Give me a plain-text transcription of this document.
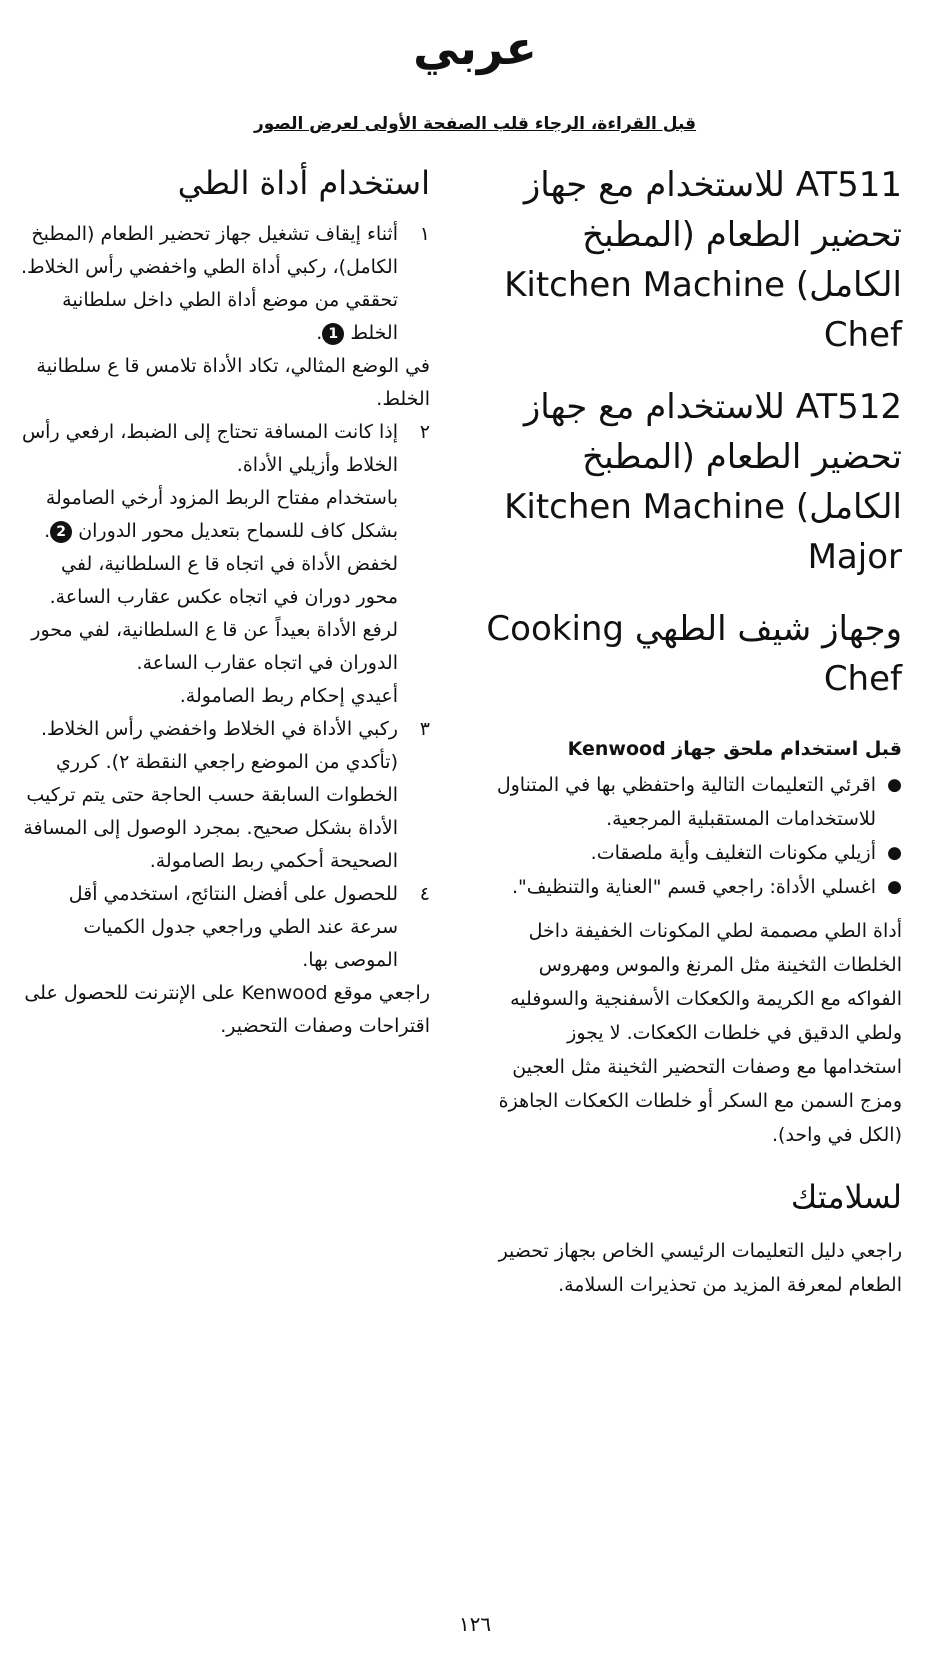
عربي
قبل القراءة، الرجاء قلب الصفحة الأولى لعرض الصور
AT511 للاستخدام مع جهاز تحضير الطعام (المطبخ الكامل) Kitchen Machine Chef
AT512 للاستخدام مع جهاز تحضير الطعام (المطبخ الكامل) Kitchen Machine Major
وجهاز شيف الطهي Cooking Chef
قبل استخدام ملحق جهاز Kenwood
● اقرئي التعليمات التالية واحتفظي بها في المتناول للاستخدامات المستقبلية المرجعية.
● أزيلي مكونات التغليف وأية ملصقات.
● اغسلي الأداة: راجعي قسم "العناية والتنظيف".

أداة الطي مصممة لطي المكونات الخفيفة داخل الخلطات الثخينة مثل المرنغ والموس ومهروس الفواكه مع الكريمة والكعكات الأسفنجية والسوفليه ولطي الدقيق في خلطات الكعكات. لا يجوز استخدامها مع وصفات التحضير الثخينة مثل العجين ومزج السمن مع السكر أو خلطات الكعكات الجاهزة (الكل في واحد).

لسلامتك

راجعي دليل التعليمات الرئيسي الخاص بجهاز تحضير الطعام لمعرفة المزيد من تحذيرات السلامة.

استخدام أداة الطي
١
أثناء إيقاف تشغيل جهاز تحضير الطعام (المطبخ الكامل)، ركبي أداة الطي واخفضي رأس الخلاط. تحقق‍ي من موضع أداة الطي داخل سلطانية الخلط 1.

في الوضع المثالي، تكاد الأداة تلامس قا ع سلطانية الخلط.

٢
إذا كانت المسافة تحتاج إلى الضبط، ارفعي رأس الخلاط وأزيلي الأداة.

باستخدام مفتاح الربط المزود أرخي الصامولة بشكل كاف للسماح بتعديل محور الدوران 2. لخفض الأداة في اتجاه قا ع السلطانية، لفي محور دوران في اتجاه عكس عقارب الساعة.

لرفع الأداة بعيداً عن قا ع السلطانية، لفي محور الدوران في اتجاه عقارب الساعة.

أعيدي إحكام ربط الصامولة.

٣
ركبي الأداة في الخلاط واخفضي رأس الخلاط. (تأكدي من الموضع راجعي النقطة ٢). كرري الخطوات السابقة حسب الحاجة حتى يتم تركيب الأداة بشكل صحيح. بمجرد الوصول إلى المسافة الصحيحة أحكمي ربط الصامولة.
٤
للحصول على أفضل النتائج، استخدمي أقل سرعة عند الطي وراجعي جدول الكميات الموصى بها.

راجعي موقع Kenwood على الإنترنت للحصول على اقتراحات وصفات التحضير.

١٢٦
